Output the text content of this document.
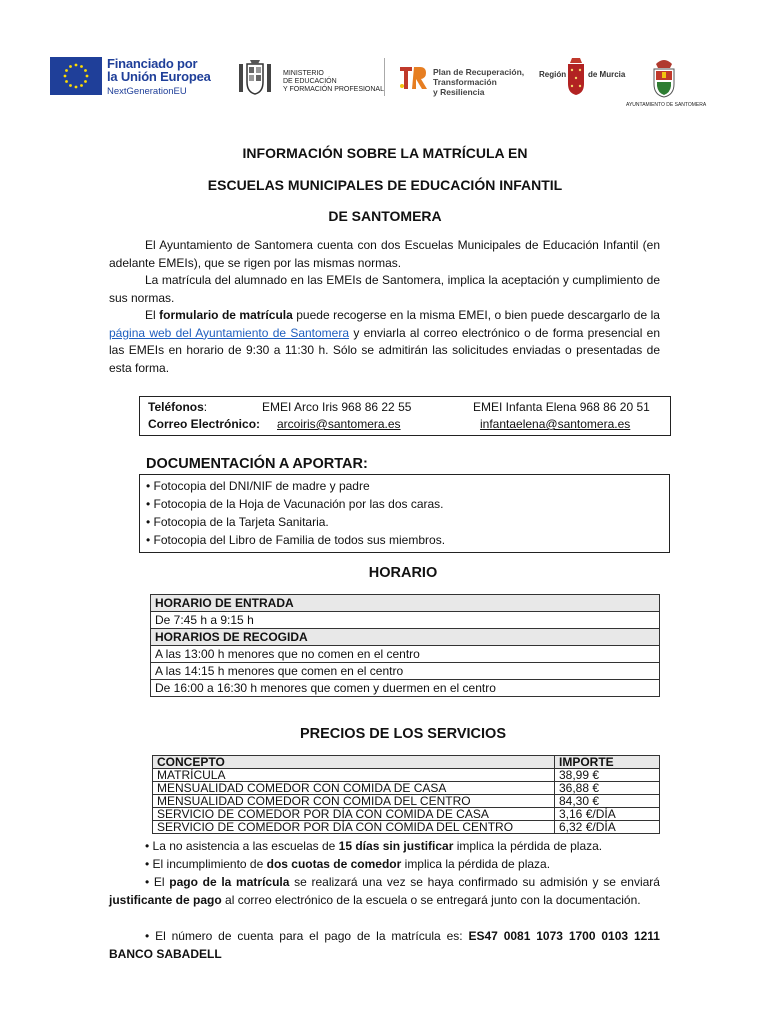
Financiado por
la Unión Europea
NextGenerationEU
MINISTERIO
DE EDUCACIÓN
Y FORMACIÓN PROFESIONAL
Plan de Recuperación,
Transformación
y Resiliencia
Región	de Murcia
AYUNTAMIENTO DE SANTOMERA
INFORMACIÓN SOBRE LA MATRÍCULA EN
ESCUELAS MUNICIPALES DE EDUCACIÓN INFANTIL
DE SANTOMERA
El Ayuntamiento de Santomera cuenta con dos Escuelas Municipales de Educación Infantil (en adelante EMEIs), que se rigen por las mismas normas.
La matrícula del alumnado en las EMEIs de Santomera, implica la aceptación y cumplimiento de sus normas.
El formulario de matrícula puede recogerse en la misma EMEI, o bien puede descargarlo de la página web del Ayuntamiento de Santomera y enviarla al correo electrónico o de forma presencial en las EMEIs en horario de 9:30 a 11:30 h. Sólo se admitirán las solicitudes enviadas o presentadas de esta forma.
Teléfonos:	EMEI Arco Iris 968 86 22 55	EMEI Infanta Elena 968 86 20 51
Correo Electrónico: arcoiris@santomera.es	infantaelena@santomera.es
DOCUMENTACIÓN A APORTAR:
• Fotocopia del DNI/NIF de madre y padre
• Fotocopia de la Hoja de Vacunación por las dos caras.
• Fotocopia de la Tarjeta Sanitaria.
• Fotocopia del Libro de Familia de todos sus miembros.
HORARIO
HORARIO DE ENTRADA
De 7:45 h a 9:15 h
HORARIOS DE RECOGIDA
A las 13:00 h menores que no comen en el centro
A las 14:15 h menores que comen en el centro
De 16:00 a 16:30 h menores que comen y duermen en el centro
PRECIOS DE LOS SERVICIOS
CONCEPTO	IMPORTE
MATRÍCULA	38,99 €
MENSUALIDAD COMEDOR CON COMIDA DE CASA	36,88 €
MENSUALIDAD COMEDOR CON COMIDA DEL CENTRO	84,30 €
SERVICIO DE COMEDOR POR DÍA CON COMIDA DE CASA	3,16 €/DÍA
SERVICIO DE COMEDOR POR DÍA CON COMIDA DEL CENTRO	6,32 €/DÍA
• La no asistencia a las escuelas de 15 días sin justificar implica la pérdida de plaza.
• El incumplimiento de dos cuotas de comedor implica la pérdida de plaza.
• El pago de la matrícula se realizará una vez se haya confirmado su admisión y se enviará justificante de pago al correo electrónico de la escuela o se entregará junto con la documentación.
• El número de cuenta para el pago de la matrícula es: ES47 0081 1073 1700 0103 1211 BANCO SABADELL
